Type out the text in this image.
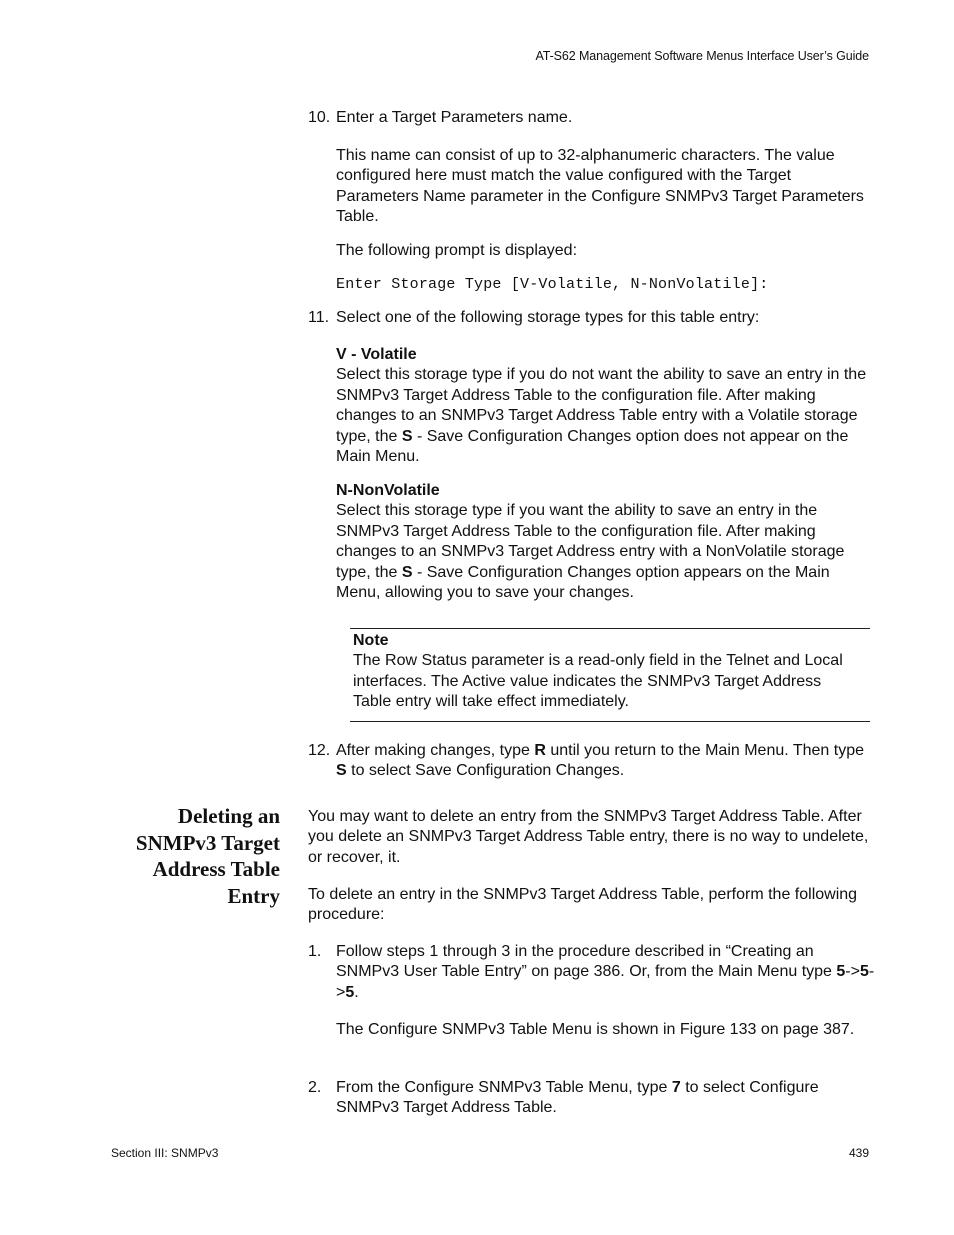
AT-S62 Management Software Menus Interface User’s Guide
10. Enter a Target Parameters name.
This name can consist of up to 32-alphanumeric characters. The value configured here must match the value configured with the Target Parameters Name parameter in the Configure SNMPv3 Target Parameters Table.
The following prompt is displayed:
Enter Storage Type [V-Volatile, N-NonVolatile]:
11. Select one of the following storage types for this table entry:
V - Volatile
Select this storage type if you do not want the ability to save an entry in the SNMPv3 Target Address Table to the configuration file. After making changes to an SNMPv3 Target Address Table entry with a Volatile storage type, the S - Save Configuration Changes option does not appear on the Main Menu.
N-NonVolatile
Select this storage type if you want the ability to save an entry in the SNMPv3 Target Address Table to the configuration file. After making changes to an SNMPv3 Target Address entry with a NonVolatile storage type, the S - Save Configuration Changes option appears on the Main Menu, allowing you to save your changes.
Note
The Row Status parameter is a read-only field in the Telnet and Local interfaces. The Active value indicates the SNMPv3 Target Address Table entry will take effect immediately.
12. After making changes, type R until you return to the Main Menu. Then type S to select Save Configuration Changes.
Deleting an
SNMPv3 Target
Address Table
Entry
You may want to delete an entry from the SNMPv3 Target Address Table. After you delete an SNMPv3 Target Address Table entry, there is no way to undelete, or recover, it.
To delete an entry in the SNMPv3 Target Address Table, perform the following procedure:
1. Follow steps 1 through 3 in the procedure described in “Creating an SNMPv3 User Table Entry” on page 386. Or, from the Main Menu type 5->5->5.
The Configure SNMPv3 Table Menu is shown in Figure 133 on page 387.
2. From the Configure SNMPv3 Table Menu, type 7 to select Configure SNMPv3 Target Address Table.
Section III: SNMPv3	439
